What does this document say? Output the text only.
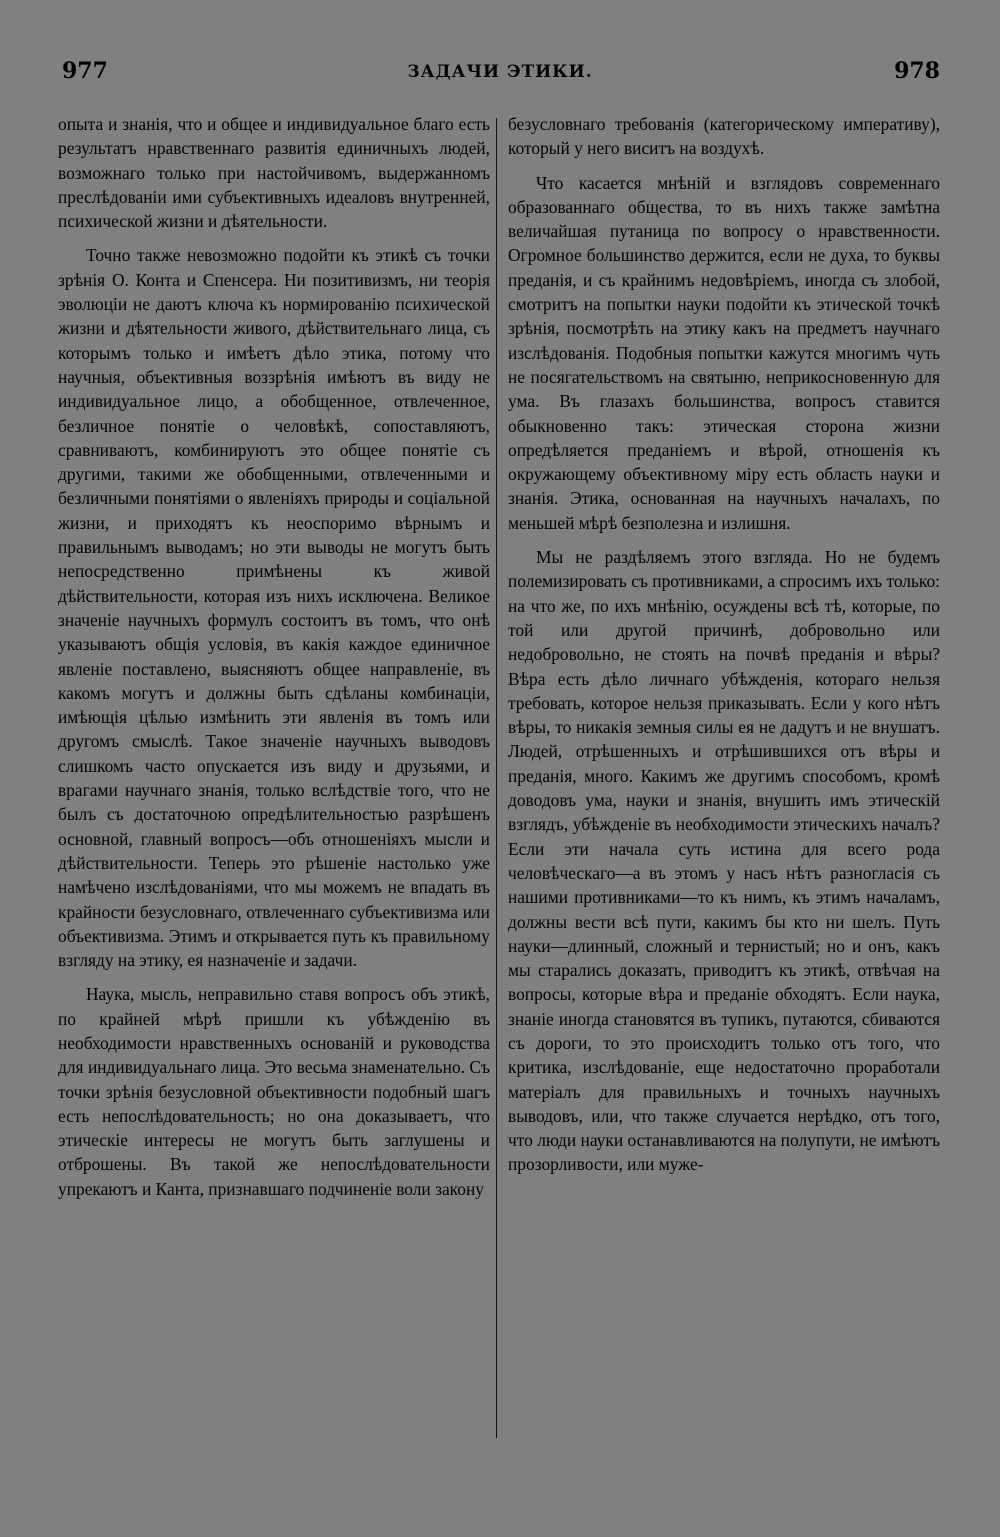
977	ЗАДАЧИ ЭТИКИ.	978

опыта и знанія, что и общее и индивидуальное благо есть результатъ нравственнаго развитія единичныхъ людей, возможнаго только при настойчивомъ, выдержанномъ преслѣдованіи ими субъективныхъ идеаловъ внутренней, психической жизни и дѣятельности.

Точно также невозможно подойти къ этикѣ съ точки зрѣнія О. Конта и Спенсера. Ни позитивизмъ, ни теорія эволюціи не даютъ ключа къ нормированію психической жизни и дѣятельности живого, дѣйствительнаго лица, съ которымъ только и имѣетъ дѣло этика, потому что научныя, объективныя воззрѣнія имѣютъ въ виду не индивидуальное лицо, а обобщенное, отвлеченное, безличное понятіе о человѣкѣ, сопоставляютъ, сравниваютъ, комбинируютъ это общее понятіе съ другими, такими же обобщенными, отвлеченными и безличными понятіями о явленіяхъ природы и соціальной жизни, и приходятъ къ неоспоримо вѣрнымъ и правильнымъ выводамъ; но эти выводы не могутъ быть непосредственно примѣнены къ живой дѣйствительности, которая изъ нихъ исключена. Великое значеніе научныхъ формулъ состоитъ въ томъ, что онѣ указываютъ общія условія, въ какія каждое единичное явленіе поставлено, выясняютъ общее направленіе, въ какомъ могутъ и должны быть сдѣланы комбинаціи, имѣющія цѣлью измѣнить эти явленія въ томъ или другомъ смыслѣ. Такое значеніе научныхъ выводовъ слишкомъ часто опускается изъ виду и друзьями, и врагами научнаго знанія, только вслѣдствіе того, что не былъ съ достаточною опредѣлительностью разрѣшенъ основной, главный вопросъ—объ отношеніяхъ мысли и дѣйствительности. Теперь это рѣшеніе настолько уже намѣчено изслѣдованіями, что мы можемъ не впадать въ крайности безусловнаго, отвлеченнаго субъективизма или объективизма. Этимъ и открывается путь къ правильному взгляду на этику, ея назначеніе и задачи.

Наука, мысль, неправильно ставя вопросъ объ этикѣ, по крайней мѣрѣ пришли къ убѣжденію въ необходимости нравственныхъ основаній и руководства для индивидуальнаго лица. Это весьма знаменательно. Съ точки зрѣнія безусловной объективности подобный шагъ есть непослѣдовательность; но она доказываетъ, что этическіе интересы не могутъ быть заглушены и отброшены. Въ такой же непослѣдовательности упрекаютъ и Канта, признавшаго подчиненіе воли закону

безусловнаго требованія (категорическому императиву), который у него виситъ на воздухѣ.

Что касается мнѣній и взглядовъ современнаго образованнаго общества, то въ нихъ также замѣтна величайшая путаница по вопросу о нравственности. Огромное большинство держится, если не духа, то буквы преданія, и съ крайнимъ недовѣріемъ, иногда съ злобой, смотритъ на попытки науки подойти къ этической точкѣ зрѣнія, посмотрѣть на этику какъ на предметъ научнаго изслѣдованія. Подобныя попытки кажутся многимъ чуть не посягательствомъ на святыню, неприкосновенную для ума. Въ глазахъ большинства, вопросъ ставится обыкновенно такъ: этическая сторона жизни опредѣляется преданіемъ и вѣрой, отношенія къ окружающему объективному міру есть область науки и знанія. Этика, основанная на научныхъ началахъ, по меньшей мѣрѣ безполезна и излишня.

Мы не раздѣляемъ этого взгляда. Но не будемъ полемизировать съ противниками, а спросимъ ихъ только: на что же, по ихъ мнѣнію, осуждены всѣ тѣ, которые, по той или другой причинѣ, добровольно или недобровольно, не стоять на почвѣ преданія и вѣры? Вѣра есть дѣло личнаго убѣжденія, котораго нельзя требовать, которое нельзя приказывать. Если у кого нѣтъ вѣры, то никакія земныя силы ея не дадутъ и не внушатъ. Людей, отрѣшенныхъ и отрѣшившихся отъ вѣры и преданія, много. Какимъ же другимъ способомъ, кромѣ доводовъ ума, науки и знанія, внушить имъ этическій взглядъ, убѣжденіе въ необходимости этическихъ началъ? Если эти начала суть истина для всего рода человѣческаго—а въ этомъ у насъ нѣтъ разногласія съ нашими противниками—то къ нимъ, къ этимъ началамъ, должны вести всѣ пути, какимъ бы кто ни шелъ. Путь науки—длинный, сложный и тернистый; но и онъ, какъ мы старались доказать, приводитъ къ этикѣ, отвѣчая на вопросы, которые вѣра и преданіе обходятъ. Если наука, знаніе иногда становятся въ тупикъ, путаются, сбиваются съ дороги, то это происходитъ только отъ того, что критика, изслѣдованіе, еще недостаточно проработали матеріалъ для правильныхъ и точныхъ научныхъ выводовъ, или, что также случается нерѣдко, отъ того, что люди науки останавливаются на полупути, не имѣютъ прозорливости, или муже-
